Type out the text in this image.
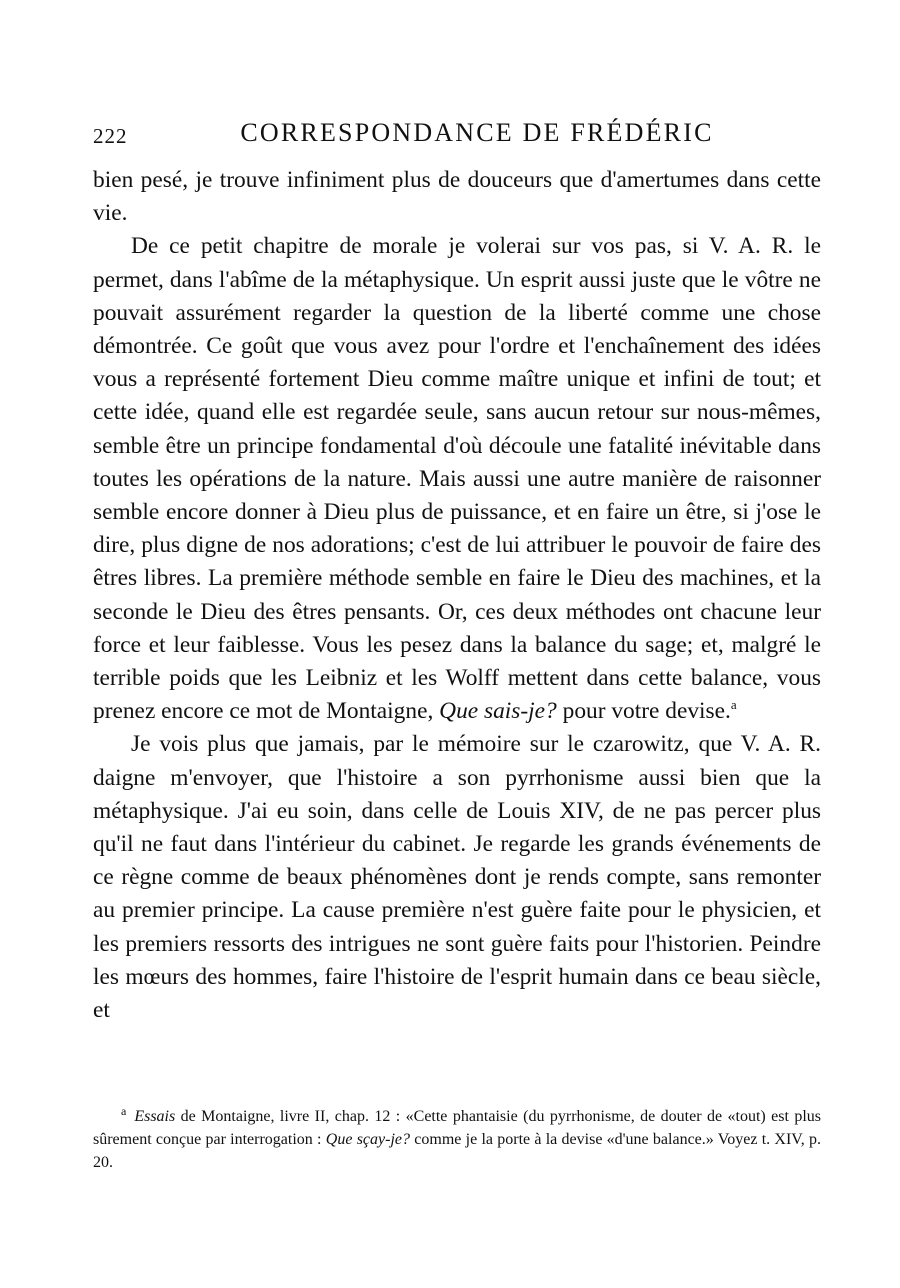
222	CORRESPONDANCE DE FRÉDÉRIC

bien pesé, je trouve infiniment plus de douceurs que d'amertumes dans cette vie.

De ce petit chapitre de morale je volerai sur vos pas, si V. A. R. le permet, dans l'abîme de la métaphysique. Un esprit aussi juste que le vôtre ne pouvait assurément regarder la question de la liberté comme une chose démontrée. Ce goût que vous avez pour l'ordre et l'enchaînement des idées vous a représenté fortement Dieu comme maître unique et infini de tout; et cette idée, quand elle est regardée seule, sans aucun retour sur nous-mêmes, semble être un principe fondamental d'où découle une fatalité inévitable dans toutes les opérations de la nature. Mais aussi une autre manière de raisonner semble encore donner à Dieu plus de puissance, et en faire un être, si j'ose le dire, plus digne de nos adorations; c'est de lui attribuer le pouvoir de faire des êtres libres. La première méthode semble en faire le Dieu des machines, et la seconde le Dieu des êtres pensants. Or, ces deux méthodes ont chacune leur force et leur faiblesse. Vous les pesez dans la balance du sage; et, malgré le terrible poids que les Leibniz et les Wolff mettent dans cette balance, vous prenez encore ce mot de Montaigne, Que sais-je? pour votre devise.$^a$

Je vois plus que jamais, par le mémoire sur le czarowitz, que V. A. R. daigne m'envoyer, que l'histoire a son pyrrhonisme aussi bien que la métaphysique. J'ai eu soin, dans celle de Louis XIV, de ne pas percer plus qu'il ne faut dans l'intérieur du cabinet. Je regarde les grands événements de ce règne comme de beaux phénomènes dont je rends compte, sans remonter au premier principe. La cause première n'est guère faite pour le physicien, et les premiers ressorts des intrigues ne sont guère faits pour l'historien. Peindre les mœurs des hommes, faire l'histoire de l'esprit humain dans ce beau siècle, et

$^a$ Essais de Montaigne, livre II, chap. 12 : «Cette phantaisie (du pyrrhonisme, de douter de «tout) est plus sûrement conçue par interrogation : Que sçay-je? comme je la porte à la devise «d'une balance.» Voyez t. XIV, p. 20.
